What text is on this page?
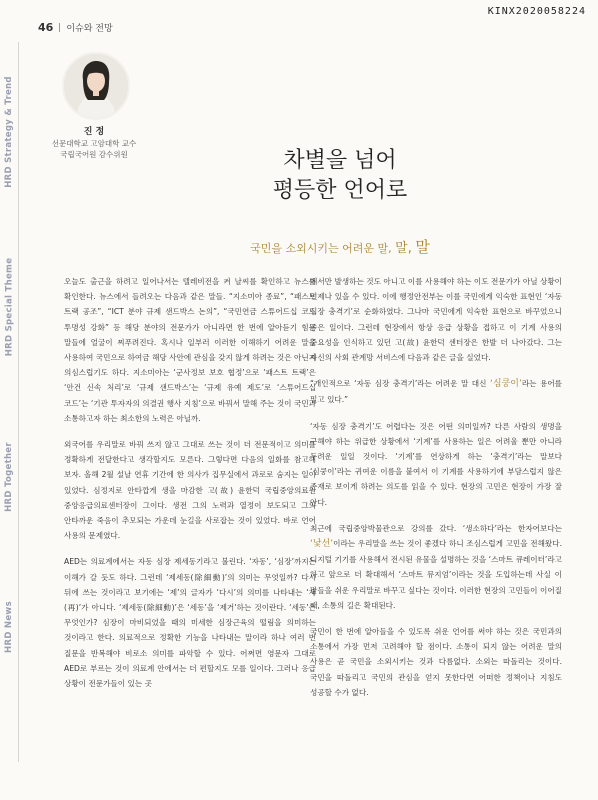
46 이슈와 전망
KINX2020058224
HRD Strategy & Trend
HRD Special Theme
HRD Together
HRD News
진 정
선문대학교 고암대학 교수
국립국어원 감수위원	차별을 넘어
평등한 언어로
국민을 소외시키는 어려운 말, 말, 말

오늘도 출근을 하려고 일어나서는 텔레비전을 켜 날씨를 확인하고 뉴스를 확인한다. 뉴스에서 들려오는 다음과 같은 말들. “지소미아 종료”, “패스트 트랙 공조”, “ICT 분야 규제 샌드박스 논의”, “국민연금 스튜어드십 코드 투명성 강화” 등 해당 분야의 전문가가 아니라면 한 번에 알아듣기 힘든 말들에 얼굴이 찌푸려진다. 혹시나 일부러 이러한 이해하기 어려운 말을 사용하여 국민으로 하여금 해당 사안에 관심을 갖지 않게 하려는 것은 아닌지 의심스럽기도 하다. 지소미아는 ‘군사정보 보호 협정’으로 ‘패스트 트랙’은 ‘안건 신속 처리’로 ‘규제 샌드박스’는 ‘규제 유예 제도’로 ‘스튜어드십 코드’는 ‘기관 투자자의 의결권 행사 지침’으로 바꿔서 말해 주는 것이 국민과 소통하고자 하는 최소한의 노력은 아닐까.

외국어를 우리말로 바꿔 쓰지 않고 그대로 쓰는 것이 더 전문적이고 의미를 정확하게 전달한다고 생각할지도 모른다. 그렇다면 다음의 일화를 참고해 보자. 올해 2월 설날 연휴 기간에 한 의사가 집무실에서 과로로 숨지는 일이 있었다. 심정지로 안타깝게 생을 마감한 고(故) 윤한덕 국립중앙의료원 중앙응급의료센터장이 그이다. 생전 그의 노력과 열정이 보도되고 그의 안타까운 죽음이 추모되는 가운데 눈길을 사로잡는 것이 있었다. 바로 언어 사용의 문제였다.

AED는 의료계에서는 자동 심장 제세동기라고 불린다. ‘자동’, ‘심장’까지는 이해가 갈 듯도 하다. 그런데 ‘제세동(除細動)’의 의미는 무엇일까? 다시 뒤에 쓰는 것이라고 보기에는 ‘제’의 글자가 ‘다시’의 의미를 나타내는 ‘재(再)’가 아니다. ‘제세동(除細動)’은 ‘세동’을 ‘제거’하는 것이란다. ‘세동’은 무엇인가? 심장이 마비되었을 때의 미세한 심장근육의 떨림을 의미하는 것이라고 한다. 의료적으로 정확한 기능을 나타내는 말이라 하나 여러 번 질문을 반복해야 비로소 의미를 파악할 수 있다. 어쩌면 영문자 그대로 AED로 부르는 것이 의료계 안에서는 더 편할지도 모를 일이다. 그러나 응급 상황이 전문가들이 있는 곳

에서만 발생하는 것도 아니고 이를 사용해야 하는 이도 전문가가 아닐 상황이 언제나 있을 수 있다. 이에 행정안전부는 이를 국민에게 익숙한 표현인 ‘자동 심장 충격기’로 순화하였다. 그나마 국민에게 익숙한 표현으로 바꾸었으니 좋은 일이다. 그런데 현장에서 항상 응급 상황을 접하고 이 기계 사용의 중요성을 인식하고 있던 고(故) 윤한덕 센터장은 한발 더 나아갔다. 그는 자신의 사회 관계망 서비스에 다음과 같은 글을 실었다.

“개인적으로 ‘자동 심장 충격기’라는 어려운 말 대신 ‘심쿵이’라는 용어를 밀고 있다.”

‘자동 심장 충격기’도 어렵다는 것은 어떤 의미일까? 다른 사람의 생명을 구해야 하는 위급한 상황에서 ‘기계’를 사용하는 일은 어려울 뿐만 아니라 두려운 일일 것이다. ‘기계’를 연상하게 하는 ‘충격기’라는 말보다 ‘심쿵이’라는 귀여운 이름을 붙여서 이 기계를 사용하기에 부담스럽지 않은 존재로 보이게 하려는 의도를 읽을 수 있다. 현장의 고민은 현장이 가장 잘 안다.

최근에 국립중앙박물관으로 강의를 갔다. ‘생소하다’라는 한자어보다는 ‘낯선’이라는 우리말을 쓰는 것이 좋겠다 하니 조심스럽게 고민을 전해왔다. 디지털 기기를 사용해서 전시된 유물을 설명하는 것을 ‘스마트 큐레이터’라고 하고 앞으로 더 확대해서 ‘스마트 뮤지엄’이라는 것을 도입하는데 사실 이 말들을 쉬운 우리말로 바꾸고 싶다는 것이다. 이러한 현장의 고민들이 이어질 때, 소통의 길은 확대된다.

국민이 한 번에 알아들을 수 있도록 쉬운 언어를 써야 하는 것은 국민과의 소통에서 가장 먼저 고려해야 할 점이다. 소통이 되지 않는 어려운 말의 사용은 곧 국민을 소외시키는 것과 다름없다. 소외는 따돌리는 것이다. 국민을 따돌리고 국민의 관심을 얻지 못한다면 어떠한 정책이나 지침도 성공할 수가 없다.
